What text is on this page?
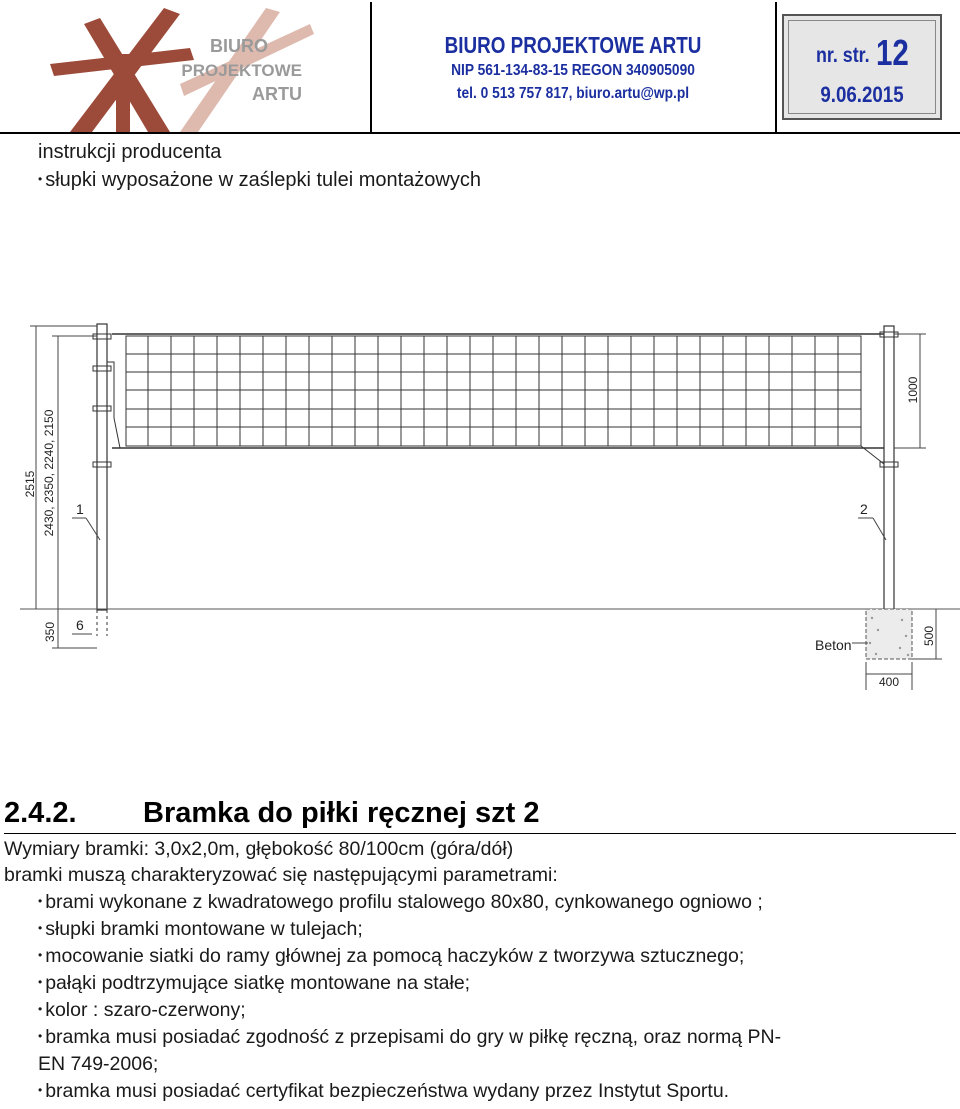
BIURO
PROJEKTOWE
ARTU
BIURO PROJEKTOWE ARTU
NIP 561-134-83-15 REGON 340905090
tel. 0 513 757 817, biuro.artu@wp.pl
nr. str. 12
9.06.2015
instrukcji producenta
• słupki wyposażone w zaślepki tulei montażowych
2515 2430, 2350, 2240, 2150
350
1000
500
400
1	2
6
Beton
2.4.2. Bramka do piłki ręcznej szt 2
Wymiary bramki: 3,0x2,0m, głębokość 80/100cm (góra/dół)
bramki muszą charakteryzować się następującymi parametrami:
• brami wykonane z kwadratowego profilu stalowego 80x80, cynkowanego ogniowo ;
• słupki bramki montowane w tulejach;
• mocowanie siatki do ramy głównej za pomocą haczyków z tworzywa sztucznego;
• pałąki podtrzymujące siatkę montowane na stałe;
• kolor : szaro-czerwony;
• bramka musi posiadać zgodność z przepisami do gry w piłkę ręczną, oraz normą PN-
EN 749-2006;
• bramka musi posiadać certyfikat bezpieczeństwa wydany przez Instytut Sportu.
